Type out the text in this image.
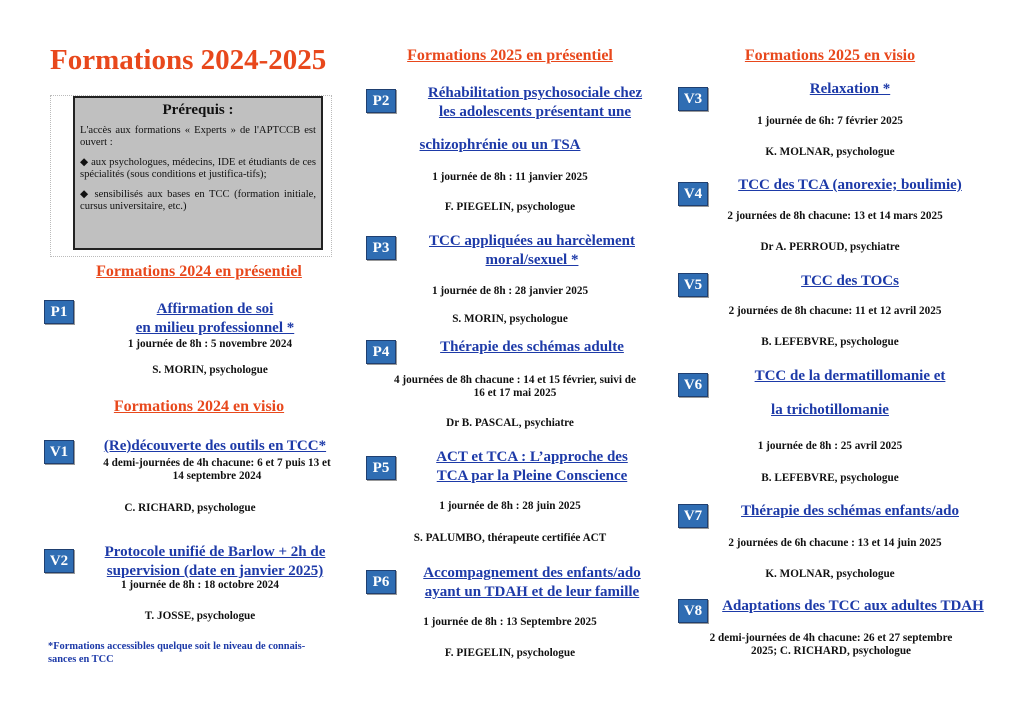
Formations 2024-2025
Prérequis :

L'accès aux formations « Experts » de l'APTCCB est ouvert :

◆ aux psychologues, médecins, IDE et étudiants de ces spécialités (sous conditions et justifica-tifs);

◆ sensibilisés aux bases en TCC (formation initiale, cursus universitaire, etc.)

Formations 2024 en présentiel
P1	Affirmation de soi
en milieu professionnel *
1 journée de 8h : 5 novembre 2024
S. MORIN, psychologue
Formations 2024 en visio
V1	(Re)découverte des outils en TCC*
4 demi-journées de 4h chacune: 6 et 7 puis 13 et
14 septembre 2024
C. RICHARD, psychologue
V2
Protocole unifié de Barlow + 2h de
supervision (date en janvier 2025)
1 journée de 8h : 18 octobre 2024
T. JOSSE, psychologue
*Formations accessibles quelque soit le niveau de connais-
sances en TCC
Formations 2025 en présentiel
P2	Réhabilitation psychosociale chez
les adolescents présentant une
schizophrénie ou un TSA
1 journée de 8h : 11 janvier 2025
F. PIEGELIN, psychologue
P3	TCC appliquées au harcèlement
moral/sexuel *
1 journée de 8h : 28 janvier 2025
S. MORIN, psychologue
P4	Thérapie des schémas adulte
4 journées de 8h chacune : 14 et 15 février, suivi de
16 et 17 mai 2025
Dr B. PASCAL, psychiatre
P5
ACT et TCA : L’approche des
TCA par la Pleine Conscience
1 journée de 8h : 28 juin 2025
S. PALUMBO, thérapeute certifiée ACT
P6
Accompagnement des enfants/ado
ayant un TDAH et de leur famille
1 journée de 8h : 13 Septembre 2025
F. PIEGELIN, psychologue
Formations 2025 en visio
V3
Relaxation *
1 journée de 6h: 7 février 2025
K. MOLNAR, psychologue
V4
TCC des TCA (anorexie; boulimie)
2 journées de 8h chacune: 13 et 14 mars 2025
Dr A. PERROUD, psychiatre
V5	TCC des TOCs
2 journées de 8h chacune: 11 et 12 avril 2025
B. LEFEBVRE, psychologue
V6
TCC de la dermatillomanie et
la trichotillomanie
1 journée de 8h : 25 avril 2025
B. LEFEBVRE, psychologue
V7	Thérapie des schémas enfants/ado
2 journées de 6h chacune : 13 et 14 juin 2025
K. MOLNAR, psychologue
V8	Adaptations des TCC aux adultes TDAH
2 demi-journées de 4h chacune: 26 et 27 septembre
2025; C. RICHARD, psychologue
